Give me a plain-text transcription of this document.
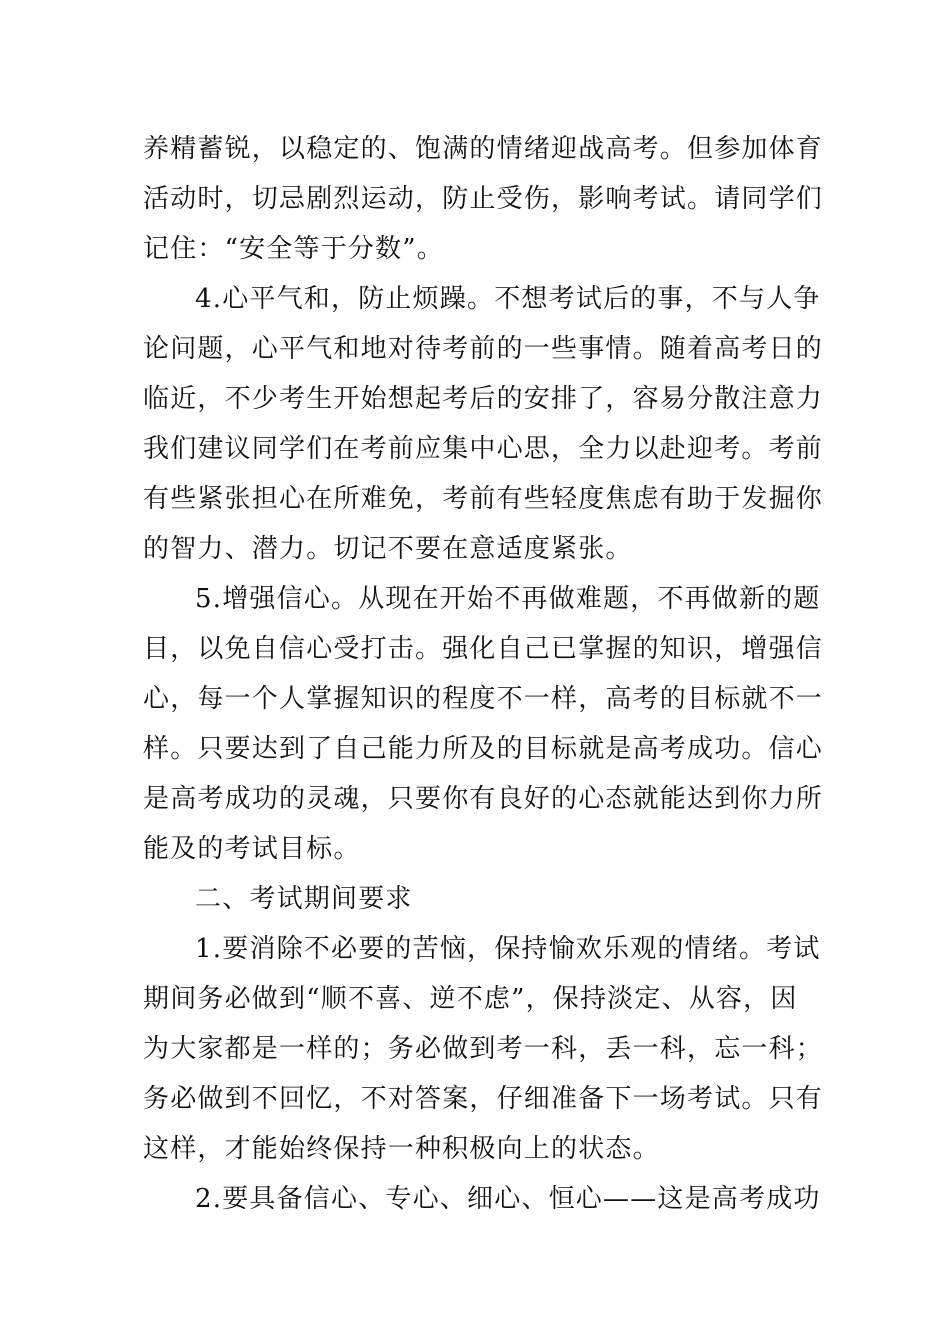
养精蓄锐，以稳定的、饱满的情绪迎战高考。但参加体育
活动时，切忌剧烈运动，防止受伤，影响考试。请同学们
记住：“安全等于分数”。

4.心平气和，防止烦躁。不想考试后的事，不与人争
论问题，心平气和地对待考前的一些事情。随着高考日的
临近，不少考生开始想起考后的安排了，容易分散注意力
我们建议同学们在考前应集中心思，全力以赴迎考。考前
有些紧张担心在所难免，考前有些轻度焦虑有助于发掘你
的智力、潜力。切记不要在意适度紧张。

5.增强信心。从现在开始不再做难题，不再做新的题
目，以免自信心受打击。强化自己已掌握的知识，增强信
心，每一个人掌握知识的程度不一样，高考的目标就不一
样。只要达到了自己能力所及的目标就是高考成功。信心
是高考成功的灵魂，只要你有良好的心态就能达到你力所
能及的考试目标。

二、考试期间要求

1.要消除不必要的苦恼，保持愉欢乐观的情绪。考试
期间务必做到“顺不喜、逆不虑”，保持淡定、从容，因
为大家都是一样的；务必做到考一科，丢一科，忘一科；
务必做到不回忆，不对答案，仔细准备下一场考试。只有
这样，才能始终保持一种积极向上的状态。

2.要具备信心、专心、细心、恒心——这是高考成功
